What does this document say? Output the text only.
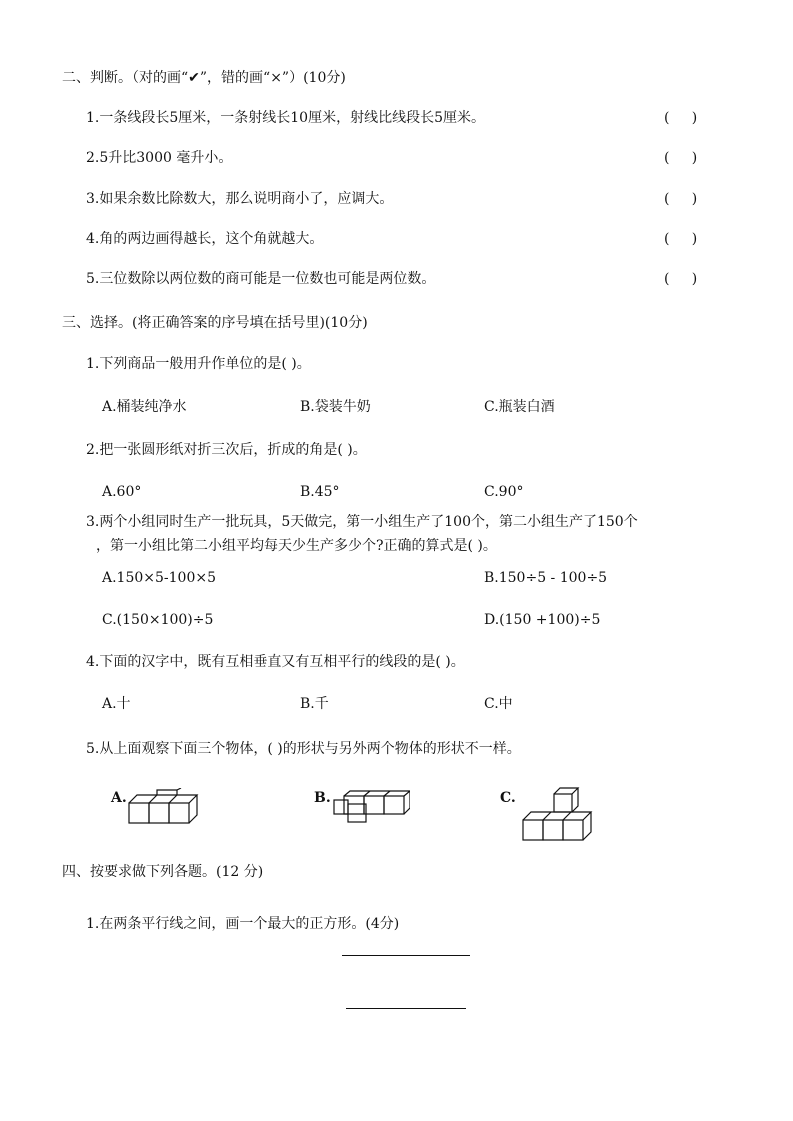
二、判断。（对的画“✔”，错的画“×”）(10分)
1.一条线段长5厘米，一条射线长10厘米，射线比线段长5厘米。	(     )
2.5升比3000 毫升小。	(     )
3.如果余数比除数大，那么说明商小了，应调大。	(     )
4.角的两边画得越长，这个角就越大。	(     )
5.三位数除以两位数的商可能是一位数也可能是两位数。	(     )
三、选择。(将正确答案的序号填在括号里)(10分)
1.下列商品一般用升作单位的是( )。
A.桶装纯净水	B.袋装牛奶	C.瓶装白酒
2.把一张圆形纸对折三次后，折成的角是( )。
A.60°	B.45°	C.90°
3.两个小组同时生产一批玩具，5天做完，第一小组生产了100个，第二小组生产了150个
，第一小组比第二小组平均每天少生产多少个?正确的算式是( )。
A.150×5-100×5	B.150÷5 - 100÷5
C.(150×100)÷5	D.(150 +100)÷5
4.下面的汉字中，既有互相垂直又有互相平行的线段的是( )。
A.十	B.千	C.中
5.从上面观察下面三个物体，( )的形状与另外两个物体的形状不一样。
A.	B.	C.
四、按要求做下列各题。(12 分)
1.在两条平行线之间，画一个最大的正方形。(4分)
